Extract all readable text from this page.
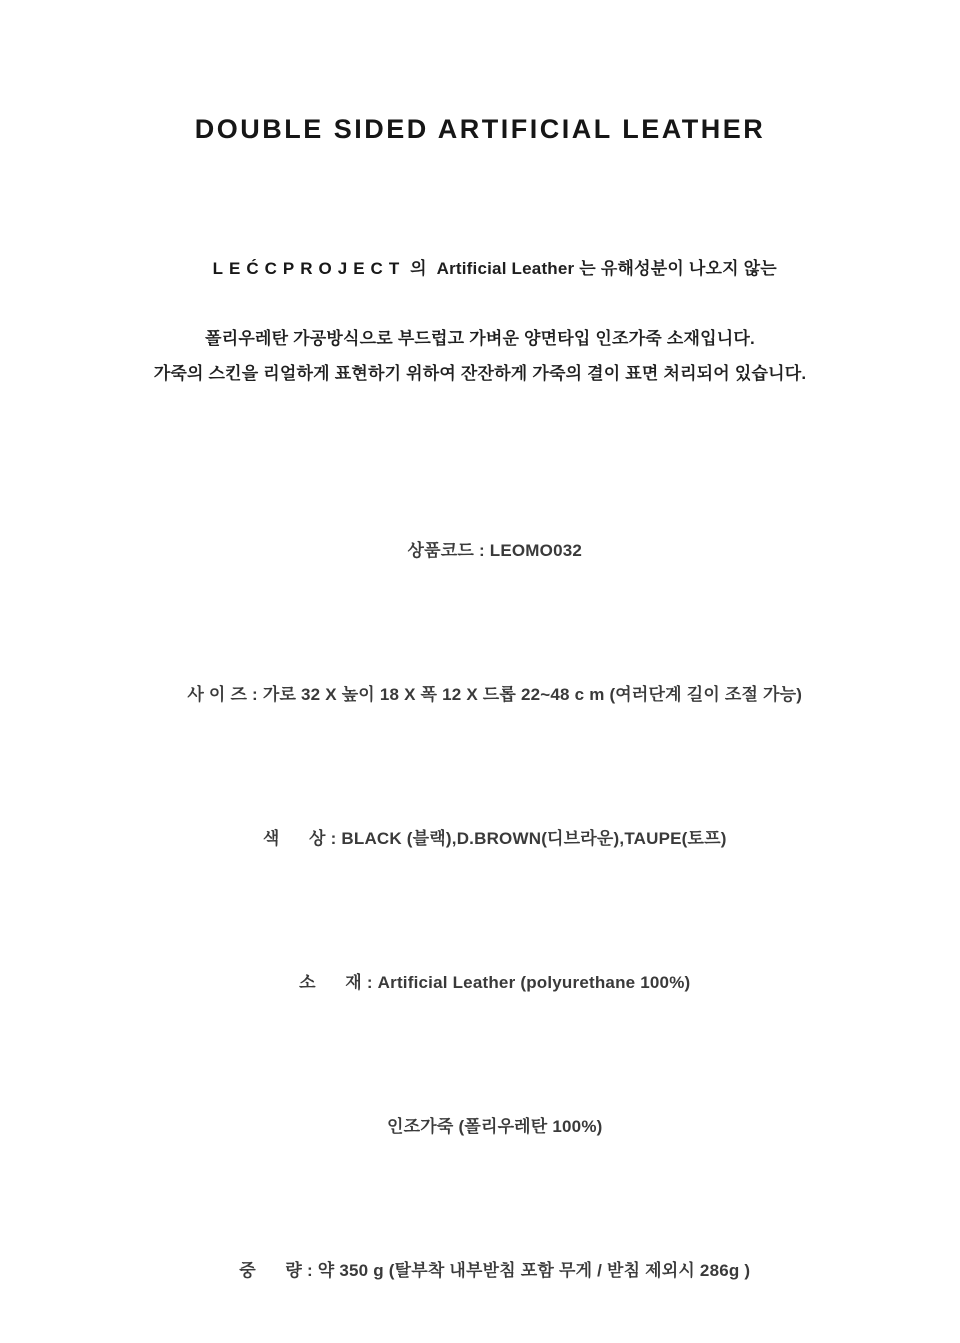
DOUBLE SIDED ARTIFICIAL LEATHER

LEĆCPROJECT 의  Artificial Leather 는 유해성분이 나오지 않는

폴리우레탄 가공방식으로 부드럽고 가벼운 양면타입 인조가죽 소재입니다.
가죽의 스킨을 리얼하게 표현하기 위하여 잔잔하게 가죽의 결이 표면 처리되어 있습니다.

상품코드 : LEOMO032

사 이 즈 : 가로 32 X 높이 18 X 폭 12 X 드롭 22~48 c m (여러단계 길이 조절 가능)

색      상 : BLACK (블랙),D.BROWN(디브라운),TAUPE(토프)

소      재 : Artificial Leather (polyurethane 100%)

인조가죽 (폴리우레탄 100%)

중      량 : 약 350 g (탈부착 내부받침 포함 무게 / 받침 제외시 286g )
